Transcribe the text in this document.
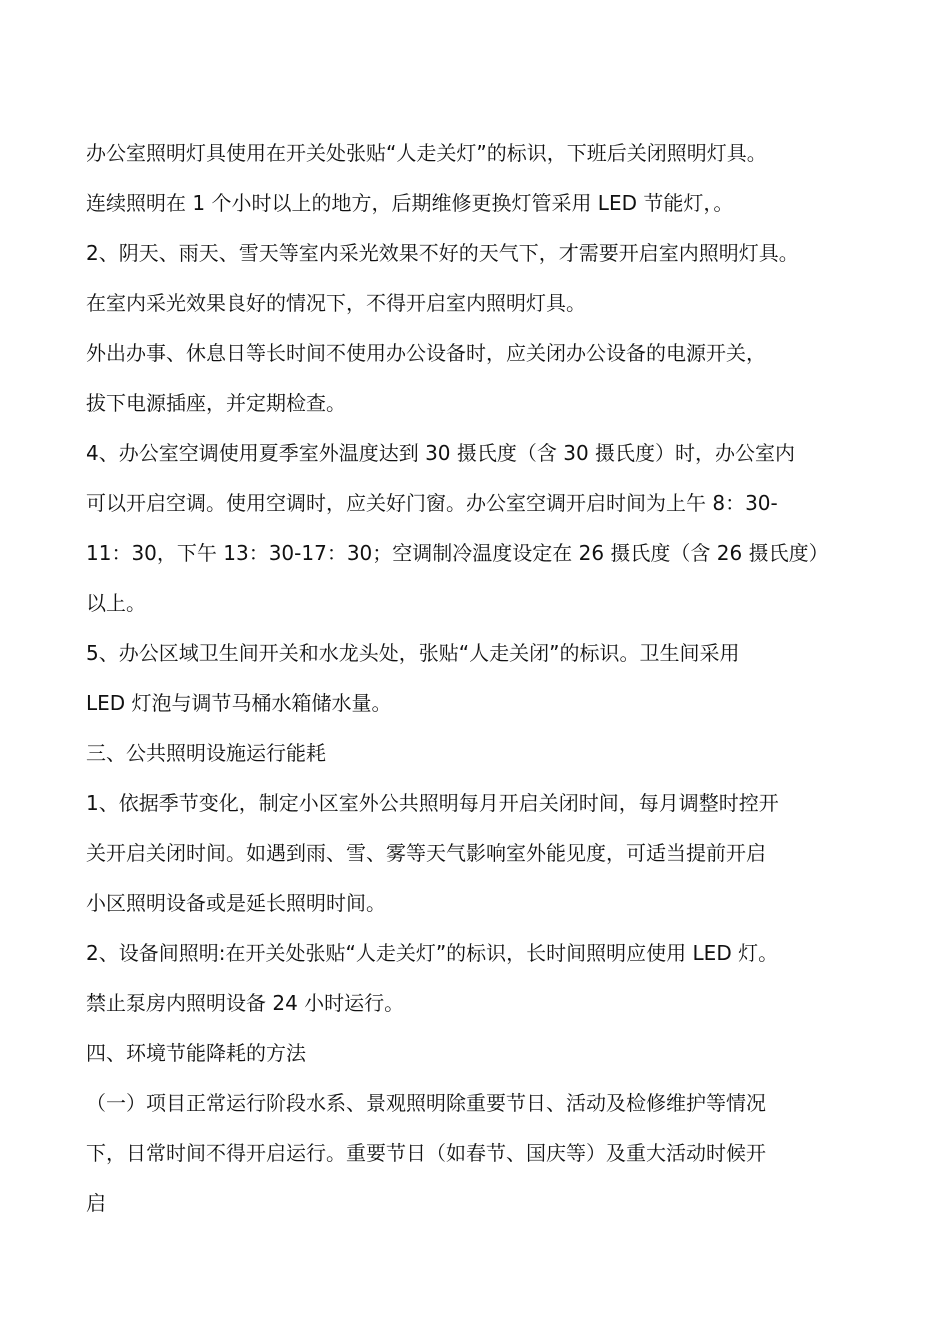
办公室照明灯具使用在开关处张贴“人走关灯”的标识，下班后关闭照明灯具。
连续照明在 1 个小时以上的地方，后期维修更换灯管采用 LED 节能灯，。
2、阴天、雨天、雪天等室内采光效果不好的天气下，才需要开启室内照明灯具。
在室内采光效果良好的情况下，不得开启室内照明灯具。
外出办事、休息日等长时间不使用办公设备时，应关闭办公设备的电源开关，
拔下电源插座，并定期检查。
4、办公室空调使用夏季室外温度达到 30 摄氏度（含 30 摄氏度）时，办公室内
可以开启空调。使用空调时，应关好门窗。办公室空调开启时间为上午 8：30-
11：30，下午 13：30-17：30；空调制冷温度设定在 26 摄氏度（含 26 摄氏度）
以上。
5、办公区域卫生间开关和水龙头处，张贴“人走关闭”的标识。卫生间采用
LED 灯泡与调节马桶水箱储水量。
三、公共照明设施运行能耗
1、依据季节变化，制定小区室外公共照明每月开启关闭时间，每月调整时控开
关开启关闭时间。如遇到雨、雪、雾等天气影响室外能见度，可适当提前开启
小区照明设备或是延长照明时间。
2、设备间照明:在开关处张贴“人走关灯”的标识，长时间照明应使用 LED 灯。
禁止泵房内照明设备 24 小时运行。
四、环境节能降耗的方法
（一）项目正常运行阶段水系、景观照明除重要节日、活动及检修维护等情况
下，日常时间不得开启运行。重要节日（如春节、国庆等）及重大活动时候开
启
